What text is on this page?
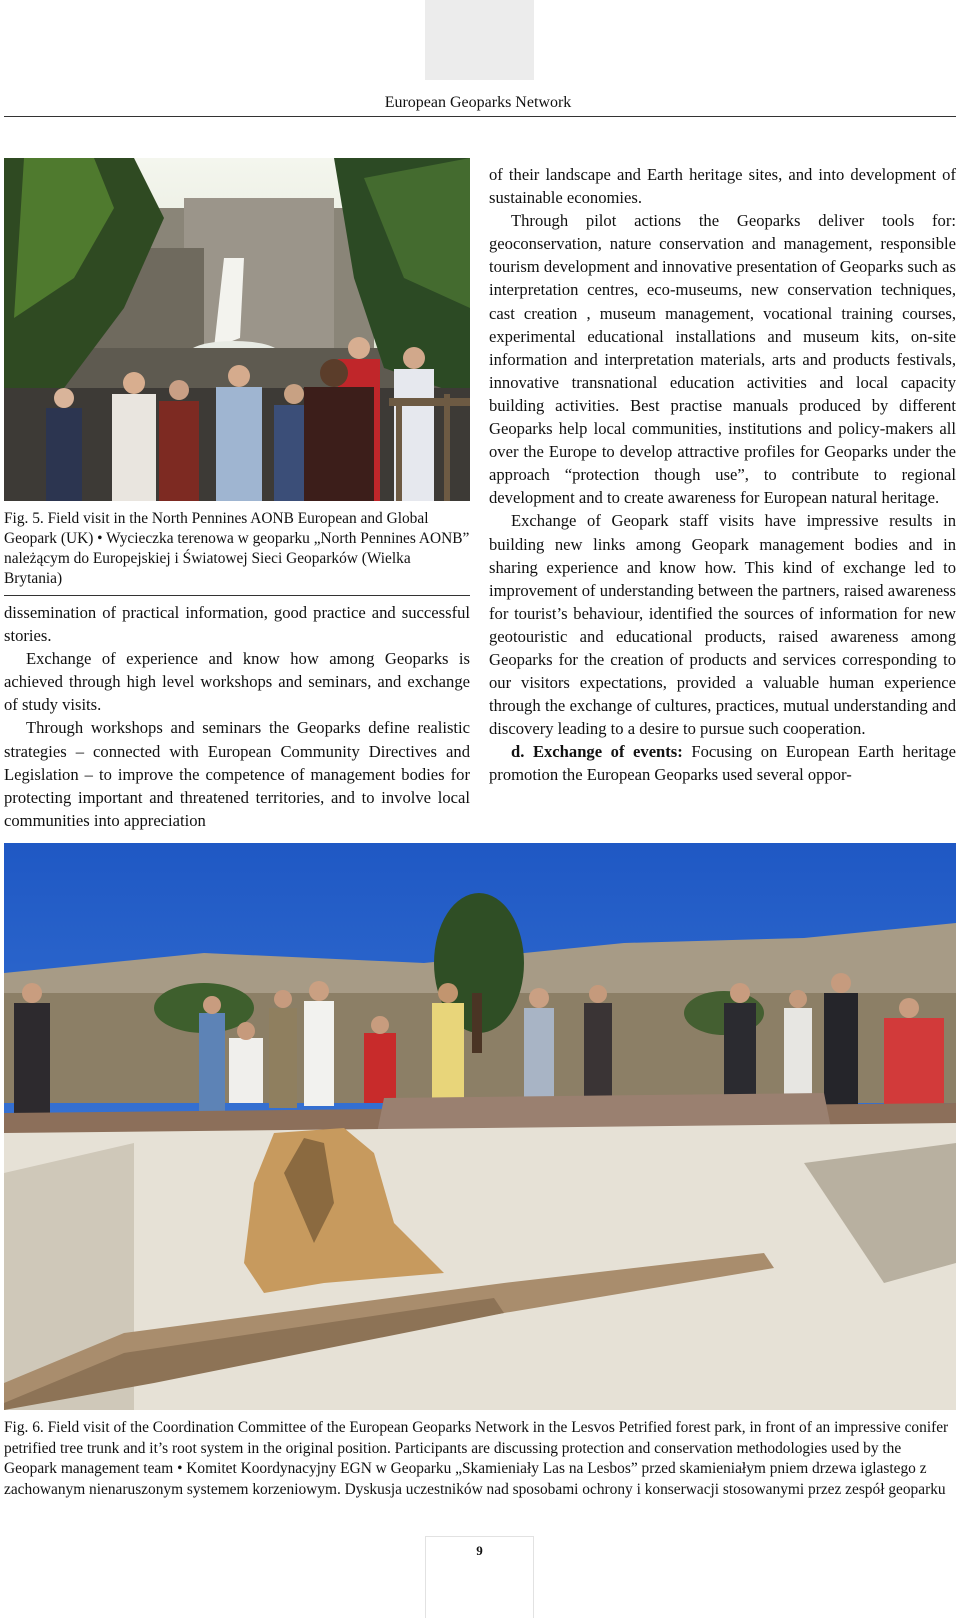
European Geoparks Network
Fig. 5. Field visit in the North Pennines AONB European and Global Geopark (UK) • Wycieczka terenowa w geoparku „North Pennines AONB” należącym do Europejskiej i Światowej Sieci Geoparków (Wielka Brytania)

dissemination of practical information, good practice and successful stories.

Exchange of experience and know how among Geoparks is achieved through high level workshops and seminars, and exchange of study visits.

Through workshops and seminars the Geoparks define realistic strategies – connected with European Community Directives and Legislation – to improve the competence of management bodies for protecting important and threatened territories, and to involve local communities into appreciation

of their landscape and Earth heritage sites, and into development of sustainable economies.

Through pilot actions the Geoparks deliver tools for: geoconservation, nature conservation and management, responsible tourism development and innovative presentation of Geoparks such as interpretation centres, eco-museums, new conservation techniques, cast creation , museum management, vocational training courses, experimental educational installations and museum kits, on-site information and interpretation materials, arts and products festivals, innovative transnational education activities and local capacity building activities. Best practise manuals produced by different Geoparks help local communities, institutions and policy-makers all over the Europe to develop attractive profiles for Geoparks under the approach “protection though use”, to contribute to regional development and to create awareness for European natural heritage.

Exchange of Geopark staff visits have impressive results in building new links among Geopark management bodies and in sharing experience and know how. This kind of exchange led to improvement of understanding between the partners, raised awareness for tourist’s behaviour, identified the sources of information for new geotouristic and educational products, raised awareness among Geoparks for the creation of products and services corresponding to our visitors expectations, provided a valuable human experience through the exchange of cultures, practices, mutual understanding and discovery leading to a desire to pursue such cooperation.

d. Exchange of events: Focusing on European Earth heritage promotion the European Geoparks used several oppor-

Fig. 6. Field visit of the Coordination Committee of the European Geoparks Network in the Lesvos Petrified forest park, in front of an impressive conifer petrified tree trunk and it’s root system in the original position. Participants are discussing protection and conservation methodologies used by the Geopark management team • Komitet Koordynacyjny EGN w Geoparku „Skamieniały Las na Lesbos” przed skamieniałym pniem drzewa iglastego z zachowanym nienaruszonym systemem korzeniowym. Dyskusja uczestników nad sposobami ochrony i konserwacji stosowanymi przez zespół geoparku
9
